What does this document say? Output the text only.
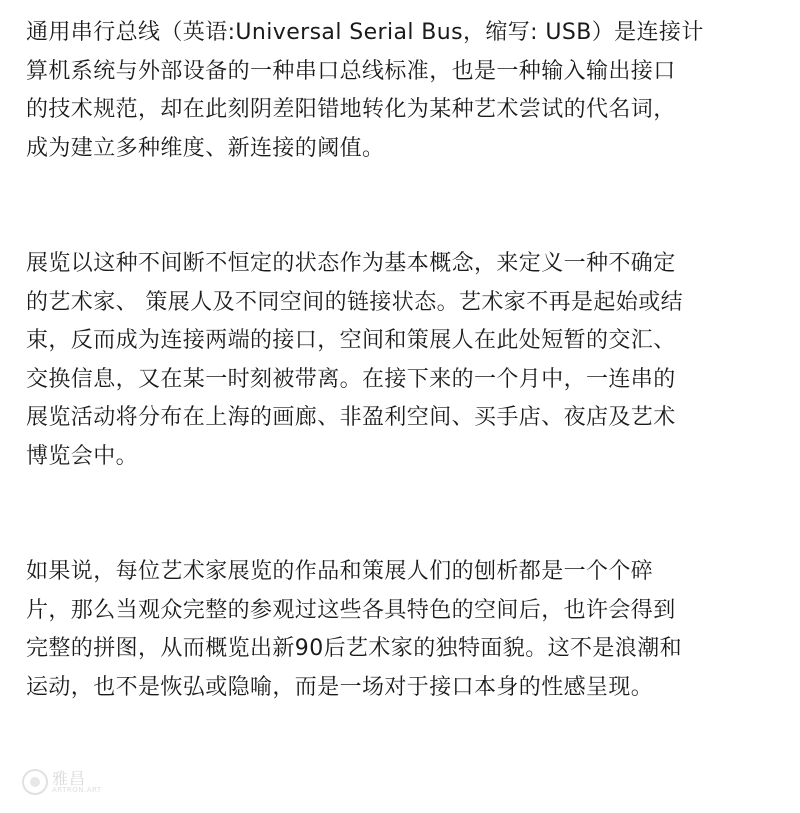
通用串行总线（英语:Universal Serial Bus，缩写: USB）是连接计
算机系统与外部设备的一种串口总线标准，也是一种输入输出接口
的技术规范，却在此刻阴差阳错地转化为某种艺术尝试的代名词，
成为建立多种维度、新连接的阈值。

展览以这种不间断不恒定的状态作为基本概念，来定义一种不确定
的艺术家、 策展人及不同空间的链接状态。艺术家不再是起始或结
束，反而成为连接两端的接口，空间和策展人在此处短暂的交汇、
交换信息，又在某一时刻被带离。在接下来的一个月中，一连串的
展览活动将分布在上海的画廊、非盈利空间、买手店、夜店及艺术
博览会中。

如果说，每位艺术家展览的作品和策展人们的刨析都是一个个碎
片，那么当观众完整的参观过这些各具特色的空间后，也许会得到
完整的拼图，从而概览出新90后艺术家的独特面貌。这不是浪潮和
运动，也不是恢弘或隐喻，而是一场对于接口本身的性感呈现。

雅昌
ARTRON.ART
